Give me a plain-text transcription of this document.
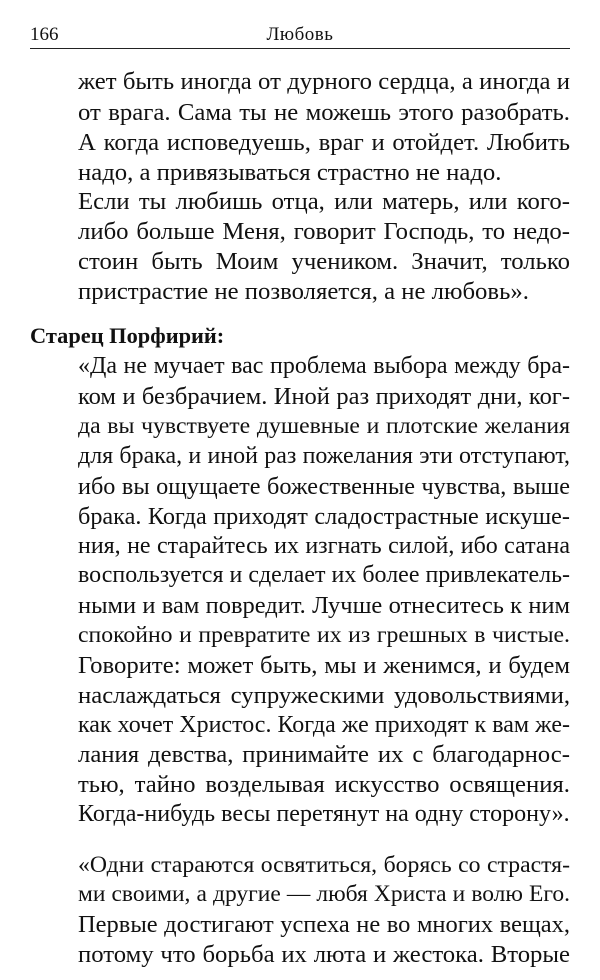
166	Любовь
жет быть иногда от дурного сердца, а иногда и
от врага. Сама ты не можешь этого разобрать.
А когда исповедуешь, враг и отойдет. Любить
надо, а привязываться страстно не надо.
Если ты любишь отца, или матерь, или кого-
либо больше Меня, говорит Господь, то недо-
стоин быть Моим учеником. Значит, только
пристрастие не позволяется, а не любовь».
Старец Порфирий:
«Да не мучает вас проблема выбора между бра-
ком и безбрачием. Иной раз приходят дни, ког-
да вы чувствуете душевные и плотские желания
для брака, и иной раз пожелания эти отступают,
ибо вы ощущаете божественные чувства, выше
брака. Когда приходят сладострастные искуше-
ния, не старайтесь их изгнать силой, ибо сатана
воспользуется и сделает их более привлекатель-
ными и вам повредит. Лучше отнеситесь к ним
спокойно и превратите их из грешных в чистые.
Говорите: может быть, мы и женимся, и будем
наслаждаться супружескими удовольствиями,
как хочет Христос. Когда же приходят к вам же-
лания девства, принимайте их с благодарнос-
тью, тайно возделывая искусство освящения.
Когда-нибудь весы перетянут на одну сторону».
«Одни стараются освятиться, борясь со страстя-
ми своими, а другие — любя Христа и волю Его.
Первые достигают успеха не во многих вещах,
потому что борьба их люта и жестока. Вторые
